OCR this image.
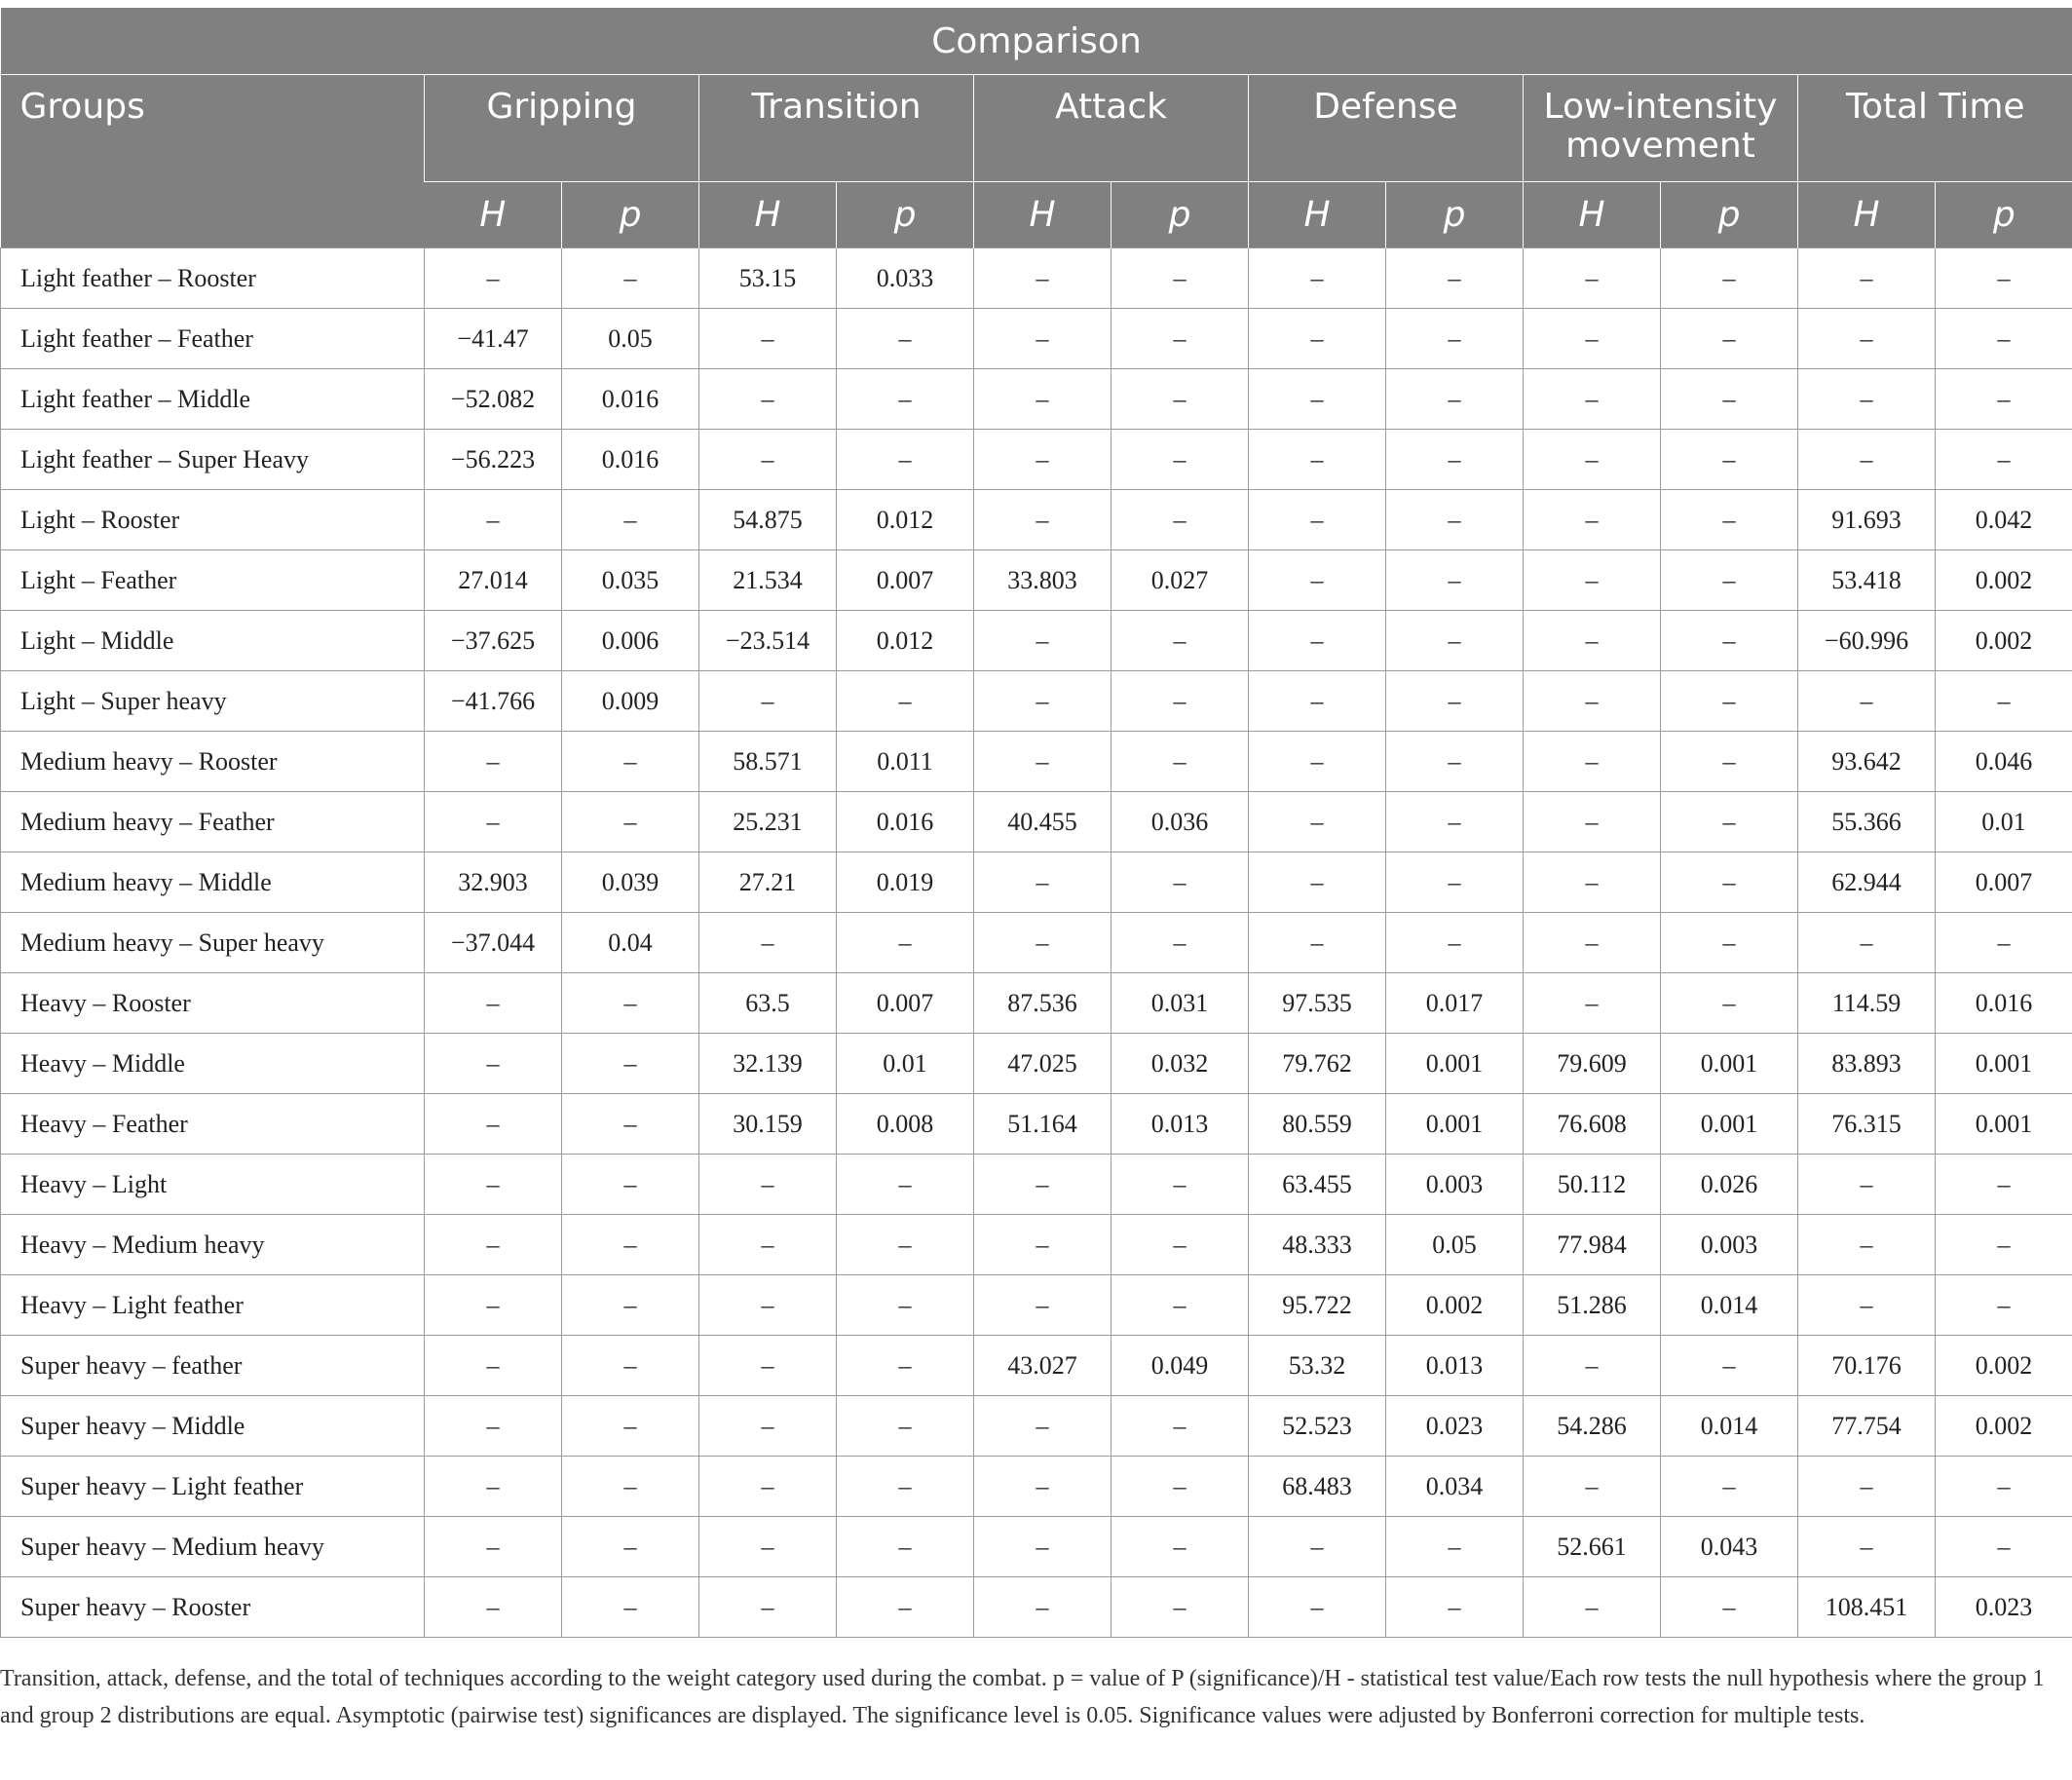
Comparison												
Groups	Gripping		Transition		Attack		Defense		Low-intensity movement		Total Time	
	H	p	H	p	H	p	H	p	H	p	H	p
Light feather – Rooster	–	–	53.15	0.033	–	–	–	–	–	–	–	–
Light feather – Feather	−41.47	0.05	–	–	–	–	–	–	–	–	–	–
Light feather – Middle	−52.082	0.016	–	–	–	–	–	–	–	–	–	–
Light feather – Super Heavy	−56.223	0.016	–	–	–	–	–	–	–	–	–	–
Light – Rooster	–	–	54.875	0.012	–	–	–	–	–	–	91.693	0.042
Light – Feather	27.014	0.035	21.534	0.007	33.803	0.027	–	–	–	–	53.418	0.002
Light – Middle	−37.625	0.006	−23.514	0.012	–	–	–	–	–	–	−60.996	0.002
Light – Super heavy	−41.766	0.009	–	–	–	–	–	–	–	–	–	–
Medium heavy – Rooster	–	–	58.571	0.011	–	–	–	–	–	–	93.642	0.046
Medium heavy – Feather	–	–	25.231	0.016	40.455	0.036	–	–	–	–	55.366	0.01
Medium heavy – Middle	32.903	0.039	27.21	0.019	–	–	–	–	–	–	62.944	0.007
Medium heavy – Super heavy	−37.044	0.04	–	–	–	–	–	–	–	–	–	–
Heavy – Rooster	–	–	63.5	0.007	87.536	0.031	97.535	0.017	–	–	114.59	0.016
Heavy – Middle	–	–	32.139	0.01	47.025	0.032	79.762	0.001	79.609	0.001	83.893	0.001
Heavy – Feather	–	–	30.159	0.008	51.164	0.013	80.559	0.001	76.608	0.001	76.315	0.001
Heavy – Light	–	–	–	–	–	–	63.455	0.003	50.112	0.026	–	–
Heavy – Medium heavy	–	–	–	–	–	–	48.333	0.05	77.984	0.003	–	–
Heavy – Light feather	–	–	–	–	–	–	95.722	0.002	51.286	0.014	–	–
Super heavy – feather	–	–	–	–	43.027	0.049	53.32	0.013	–	–	70.176	0.002
Super heavy – Middle	–	–	–	–	–	–	52.523	0.023	54.286	0.014	77.754	0.002
Super heavy – Light feather	–	–	–	–	–	–	68.483	0.034	–	–	–	–
Super heavy – Medium heavy	–	–	–	–	–	–	–	–	52.661	0.043	–	–
Super heavy – Rooster	–	–	–	–	–	–	–	–	–	–	108.451	0.023
Transition, attack, defense, and the total of techniques according to the weight category used during the combat. p = value of P (significance)/H - statistical test value/Each row tests the null hypothesis where the group 1 and group 2 distributions are equal. Asymptotic (pairwise test) significances are displayed. The significance level is 0.05. Significance values were adjusted by Bonferroni correction for multiple tests.
